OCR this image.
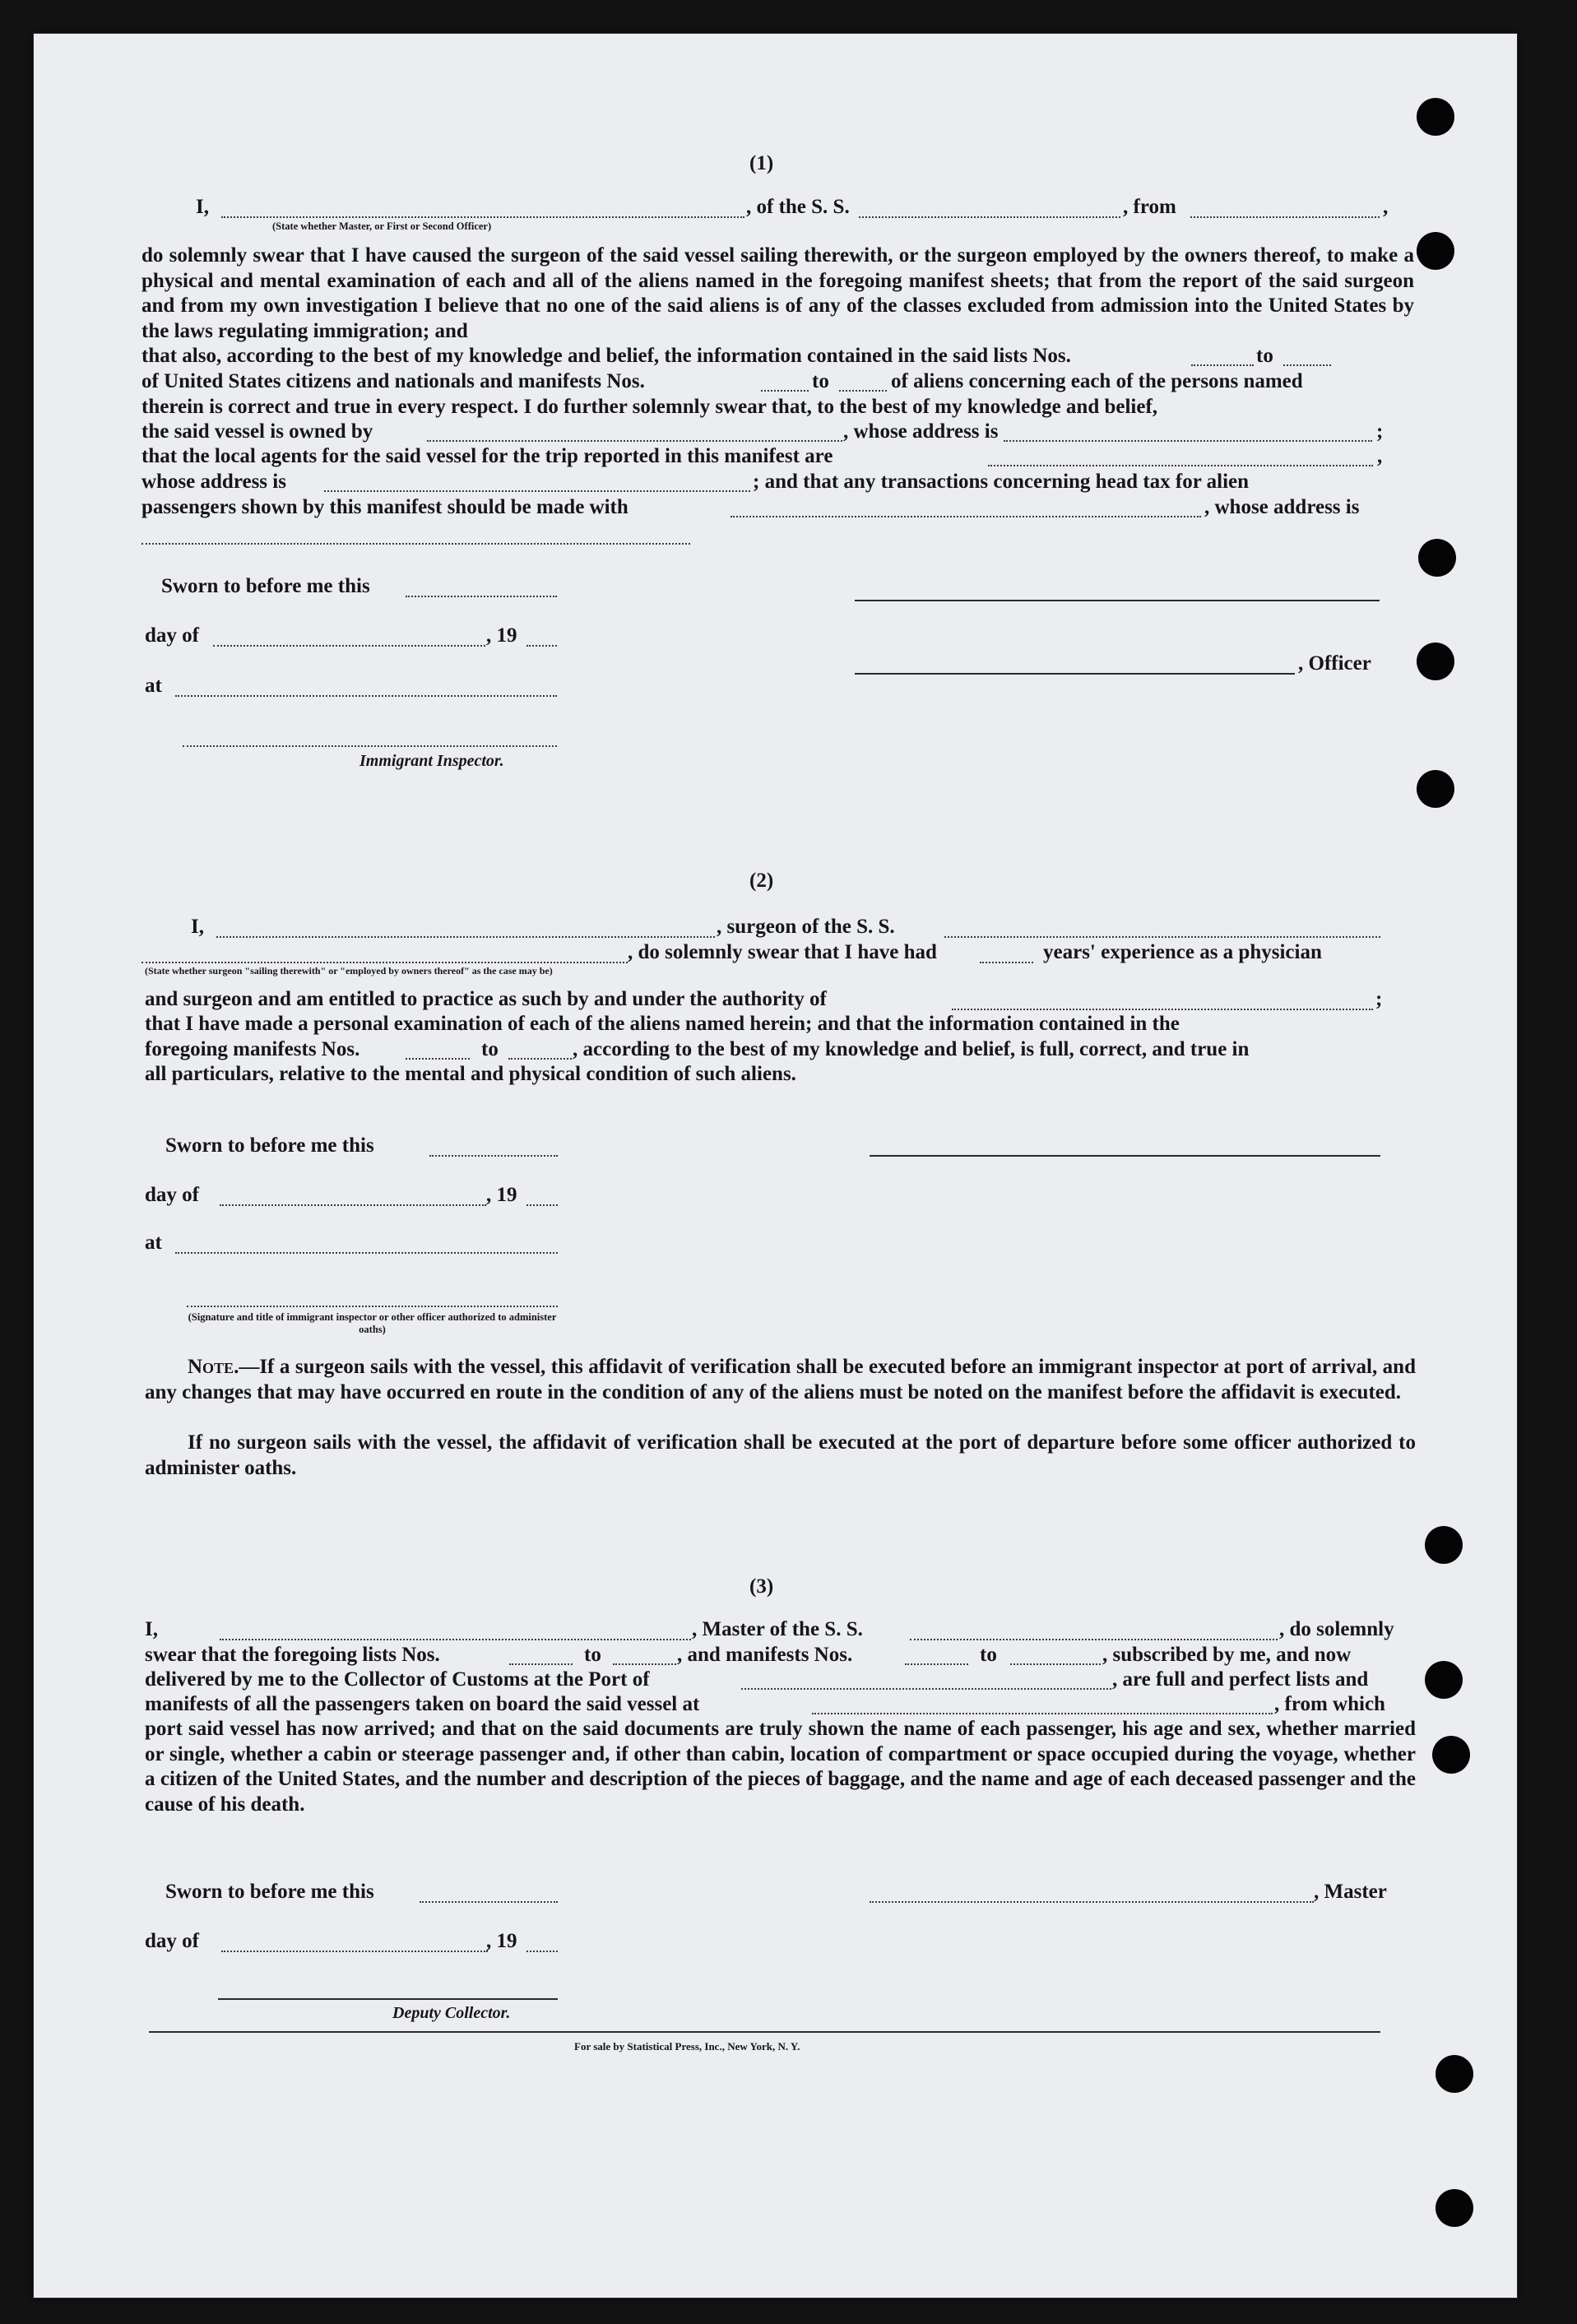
(1)
I,	, of the S. S.	, from	,
(State whether Master, or First or Second Officer)
do solemnly swear that I have caused the surgeon of the said vessel sailing therewith, or the surgeon employed by the owners thereof, to make a physical and mental examination of each and all of the aliens named in the foregoing manifest sheets; that from the report of the said surgeon and from my own investigation I believe that no one of the said aliens is of any of the classes excluded from admission into the United States by the laws regulating immigration; and
that also, according to the best of my knowledge and belief, the information contained in the said lists Nos.	to
of United States citizens and nationals and manifests Nos.	to	of aliens concerning each of the persons named
therein is correct and true in every respect. I do further solemnly swear that, to the best of my knowledge and belief,
the said vessel is owned by	, whose address is	;
that the local agents for the said vessel for the trip reported in this manifest are	,
whose address is	; and that any transactions concerning head tax for alien
passengers shown by this manifest should be made with	, whose address is
Sworn to before me this
day of	, 19
, Officer
at
Immigrant Inspector.
(2)
I,	, surgeon of the S. S.
, do solemnly swear that I have had	years' experience as a physician
(State whether surgeon "sailing therewith" or "employed by owners thereof" as the case may be)
and surgeon and am entitled to practice as such by and under the authority of	;
that I have made a personal examination of each of the aliens named herein; and that the information contained in the
foregoing manifests Nos.	to	, according to the best of my knowledge and belief, is full, correct, and true in
all particulars, relative to the mental and physical condition of such aliens.
Sworn to before me this
day of	, 19
at
(Signature and title of immigrant inspector or other officer authorized to administer oaths)
Note.—If a surgeon sails with the vessel, this affidavit of verification shall be executed before an immigrant inspector at port of arrival, and any changes that may have occurred en route in the condition of any of the aliens must be noted on the manifest before the affidavit is executed.
If no surgeon sails with the vessel, the affidavit of verification shall be executed at the port of departure before some officer authorized to administer oaths.
(3)
I,	, Master of the S. S.	, do solemnly
swear that the foregoing lists Nos.	to	, and manifests Nos.	to	, subscribed by me, and now
delivered by me to the Collector of Customs at the Port of	, are full and perfect lists and
manifests of all the passengers taken on board the said vessel at	, from which
port said vessel has now arrived; and that on the said documents are truly shown the name of each passenger, his age and sex, whether married or single, whether a cabin or steerage passenger and, if other than cabin, location of compartment or space occupied during the voyage, whether a citizen of the United States, and the number and description of the pieces of baggage, and the name and age of each deceased passenger and the cause of his death.
Sworn to before me this	, Master
day of	, 19
Deputy Collector.
For sale by Statistical Press, Inc., New York, N. Y.
